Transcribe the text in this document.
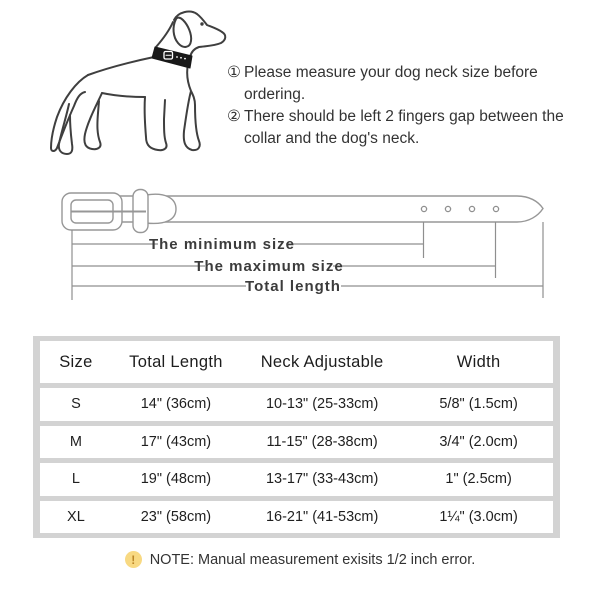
① Please measure your dog neck size before ordering.
② There should be left 2 fingers gap between the
collar and the dog's neck.
The minimum size
The maximum size
Total length
Size	Total Length	Neck Adjustable	Width
S	14" (36cm)	10-13" (25-33cm)	5/8" (1.5cm)
M	17" (43cm)	11-15" (28-38cm)	3/4" (2.0cm)
L	19" (48cm)	13-17" (33-43cm)	1" (2.5cm)
XL	23" (58cm)	16-21" (41-53cm)	1¼" (3.0cm)
!	NOTE: Manual measurement exisits 1/2 inch error.
